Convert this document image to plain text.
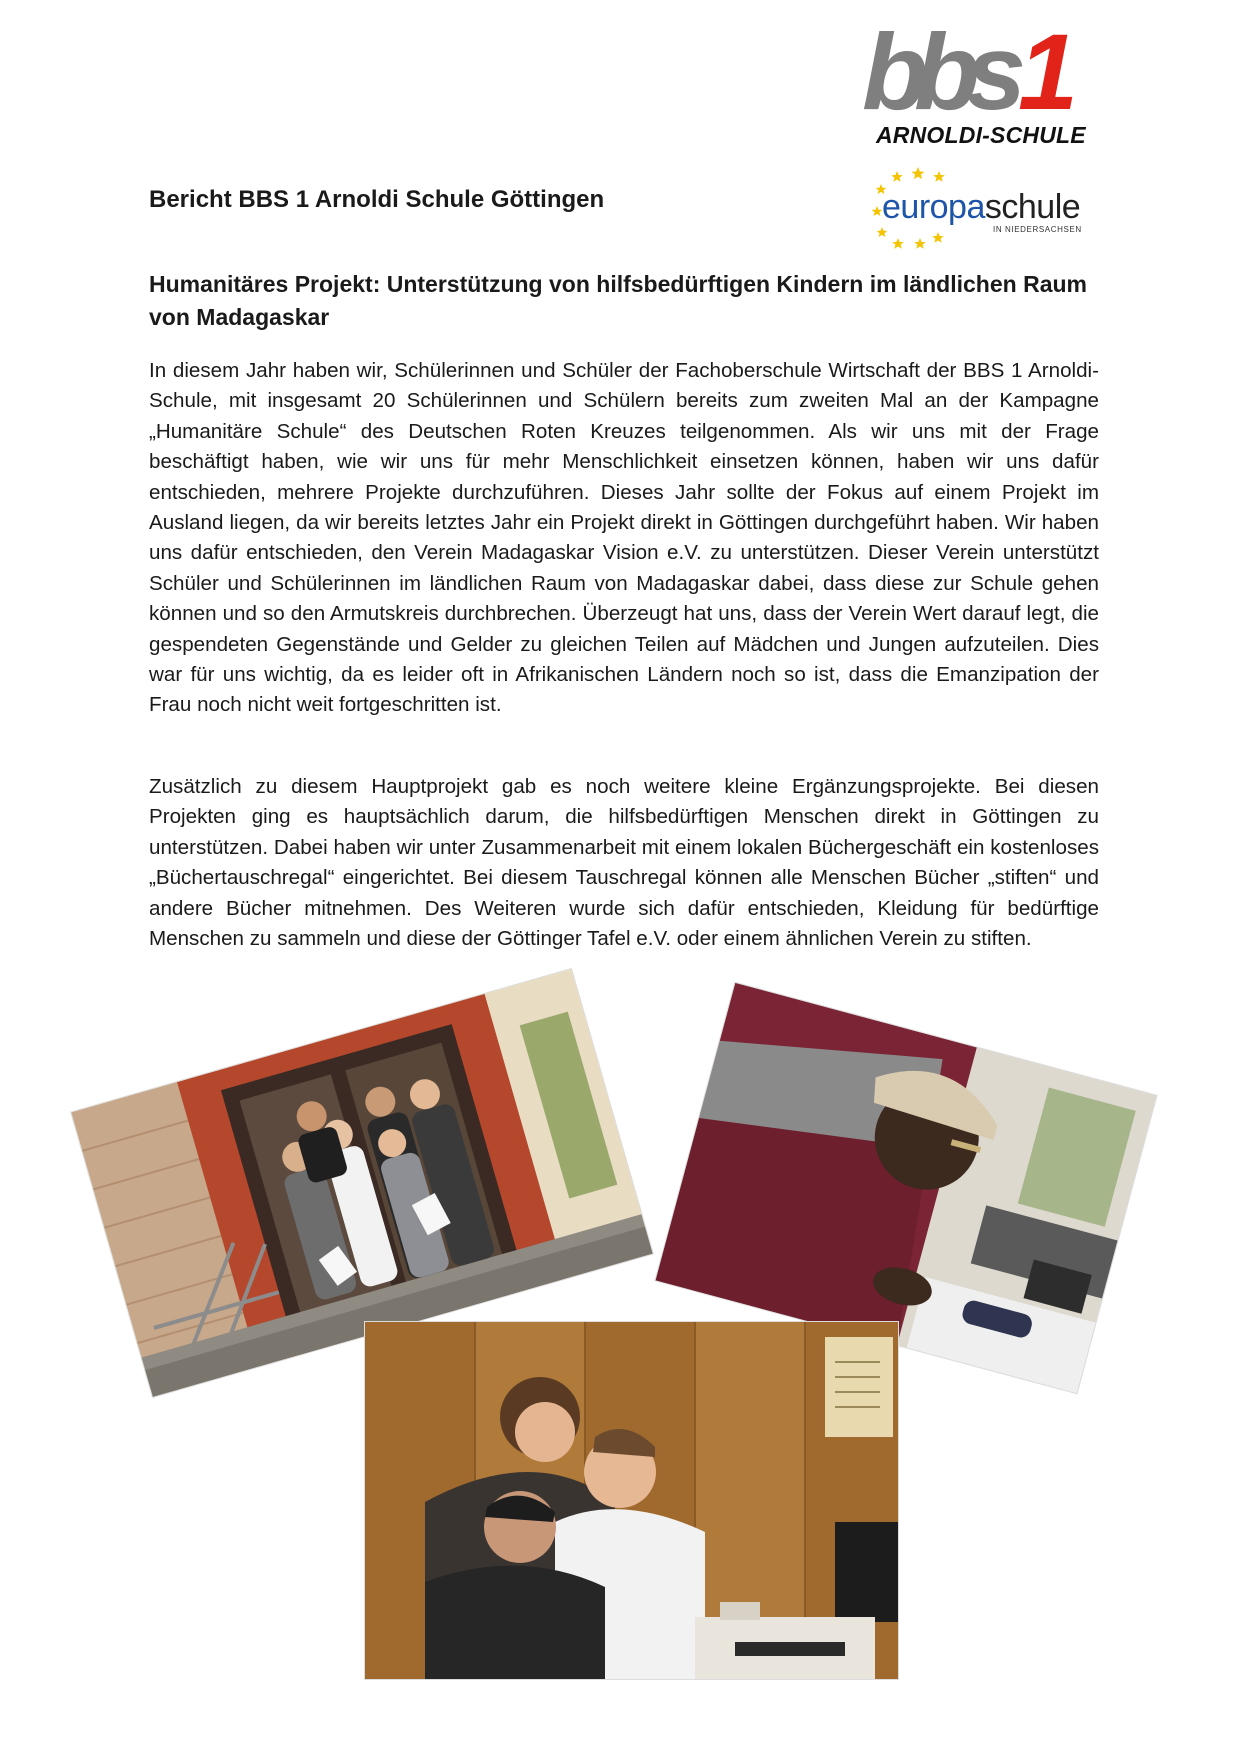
bbs1
ARNOLDI-SCHULE
europaschule
IN NIEDERSACHSEN
Bericht BBS 1 Arnoldi Schule Göttingen
Humanitäres Projekt: Unterstützung von hilfsbedürftigen Kindern im ländlichen Raum von Madagaskar

In diesem Jahr haben wir, Schülerinnen und Schüler der Fachoberschule Wirtschaft der BBS 1 Arnoldi-Schule, mit insgesamt 20 Schülerinnen und Schülern bereits zum zweiten Mal an der Kampagne „Humanitäre Schule“ des Deutschen Roten Kreuzes teilgenommen. Als wir uns mit der Frage beschäftigt haben, wie wir uns für mehr Menschlichkeit einsetzen können, haben wir uns dafür entschieden, mehrere Projekte durchzuführen. Dieses Jahr sollte der Fokus auf einem Projekt im Ausland liegen, da wir bereits letztes Jahr ein Projekt direkt in Göttingen durchgeführt haben. Wir haben uns dafür entschieden, den Verein Madagaskar Vision e.V. zu unterstützen. Dieser Verein unterstützt Schüler und Schülerinnen im ländlichen Raum von Madagaskar dabei, dass diese zur Schule gehen können und so den Armutskreis durchbrechen. Überzeugt hat uns, dass der Verein Wert darauf legt, die gespendeten Gegenstände und Gelder zu gleichen Teilen auf Mädchen und Jungen aufzuteilen. Dies war für uns wichtig, da es leider oft in Afrikanischen Ländern noch so ist, dass die Emanzipation der Frau noch nicht weit fortgeschritten ist.

Zusätzlich zu diesem Hauptprojekt gab es noch weitere kleine Ergänzungsprojekte. Bei diesen Projekten ging es hauptsächlich darum, die hilfsbedürftigen Menschen direkt in Göttingen zu unterstützen. Dabei haben wir unter Zusammenarbeit mit einem lokalen Büchergeschäft ein kostenloses „Büchertauschregal“ eingerichtet. Bei diesem Tauschregal können alle Menschen Bücher „stiften“ und andere Bücher mitnehmen. Des Weiteren wurde sich dafür entschieden, Kleidung für bedürftige Menschen zu sammeln und diese der Göttinger Tafel e.V. oder einem ähnlichen Verein zu stiften.
